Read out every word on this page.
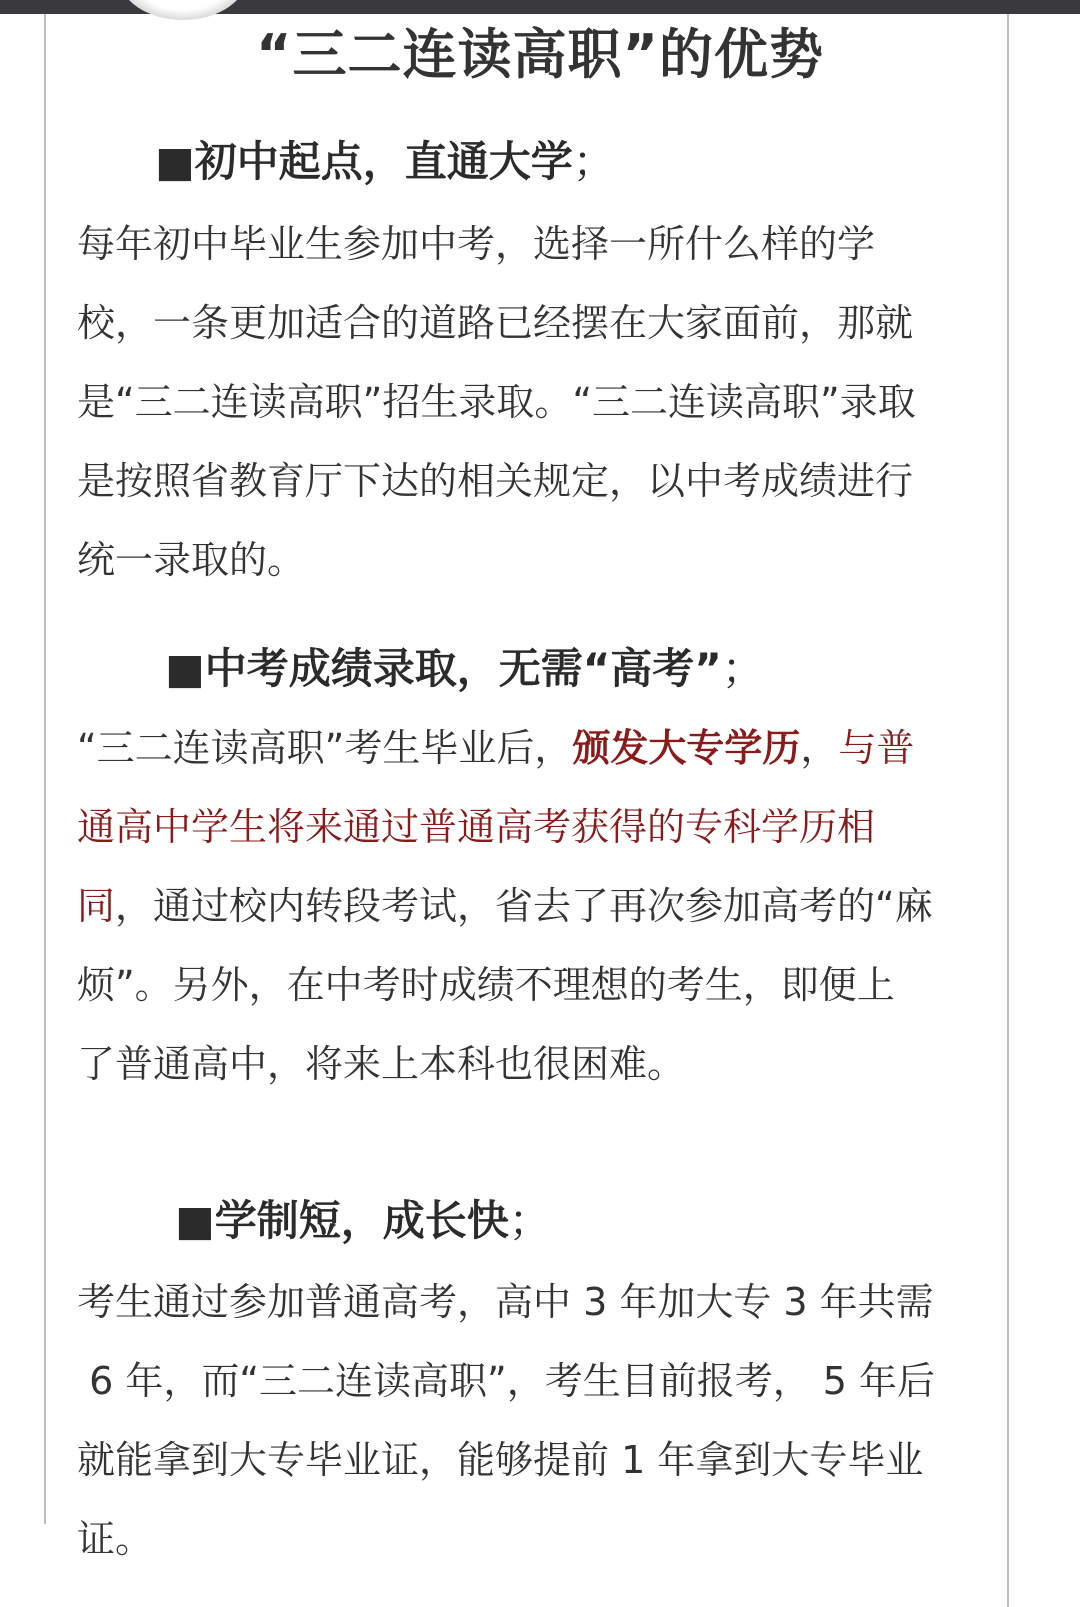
“三二连读高职”的优势
■初中起点，直通大学；
每年初中毕业生参加中考，选择一所什么样的学
校，一条更加适合的道路已经摆在大家面前，那就
是“三二连读高职”招生录取。“三二连读高职”录取
是按照省教育厅下达的相关规定，以中考成绩进行
统一录取的。
■中考成绩录取，无需“高考”；
“三二连读高职”考生毕业后，颁发大专学历，与普
通高中学生将来通过普通高考获得的专科学历相
同，通过校内转段考试，省去了再次参加高考的“麻
烦”。另外，在中考时成绩不理想的考生，即便上
了普通高中，将来上本科也很困难。
■学制短，成长快；
考生通过参加普通高考，高中 3 年加大专 3 年共需
6 年，而“三二连读高职”，考生目前报考， 5 年后
就能拿到大专毕业证，能够提前 1 年拿到大专毕业
证。
